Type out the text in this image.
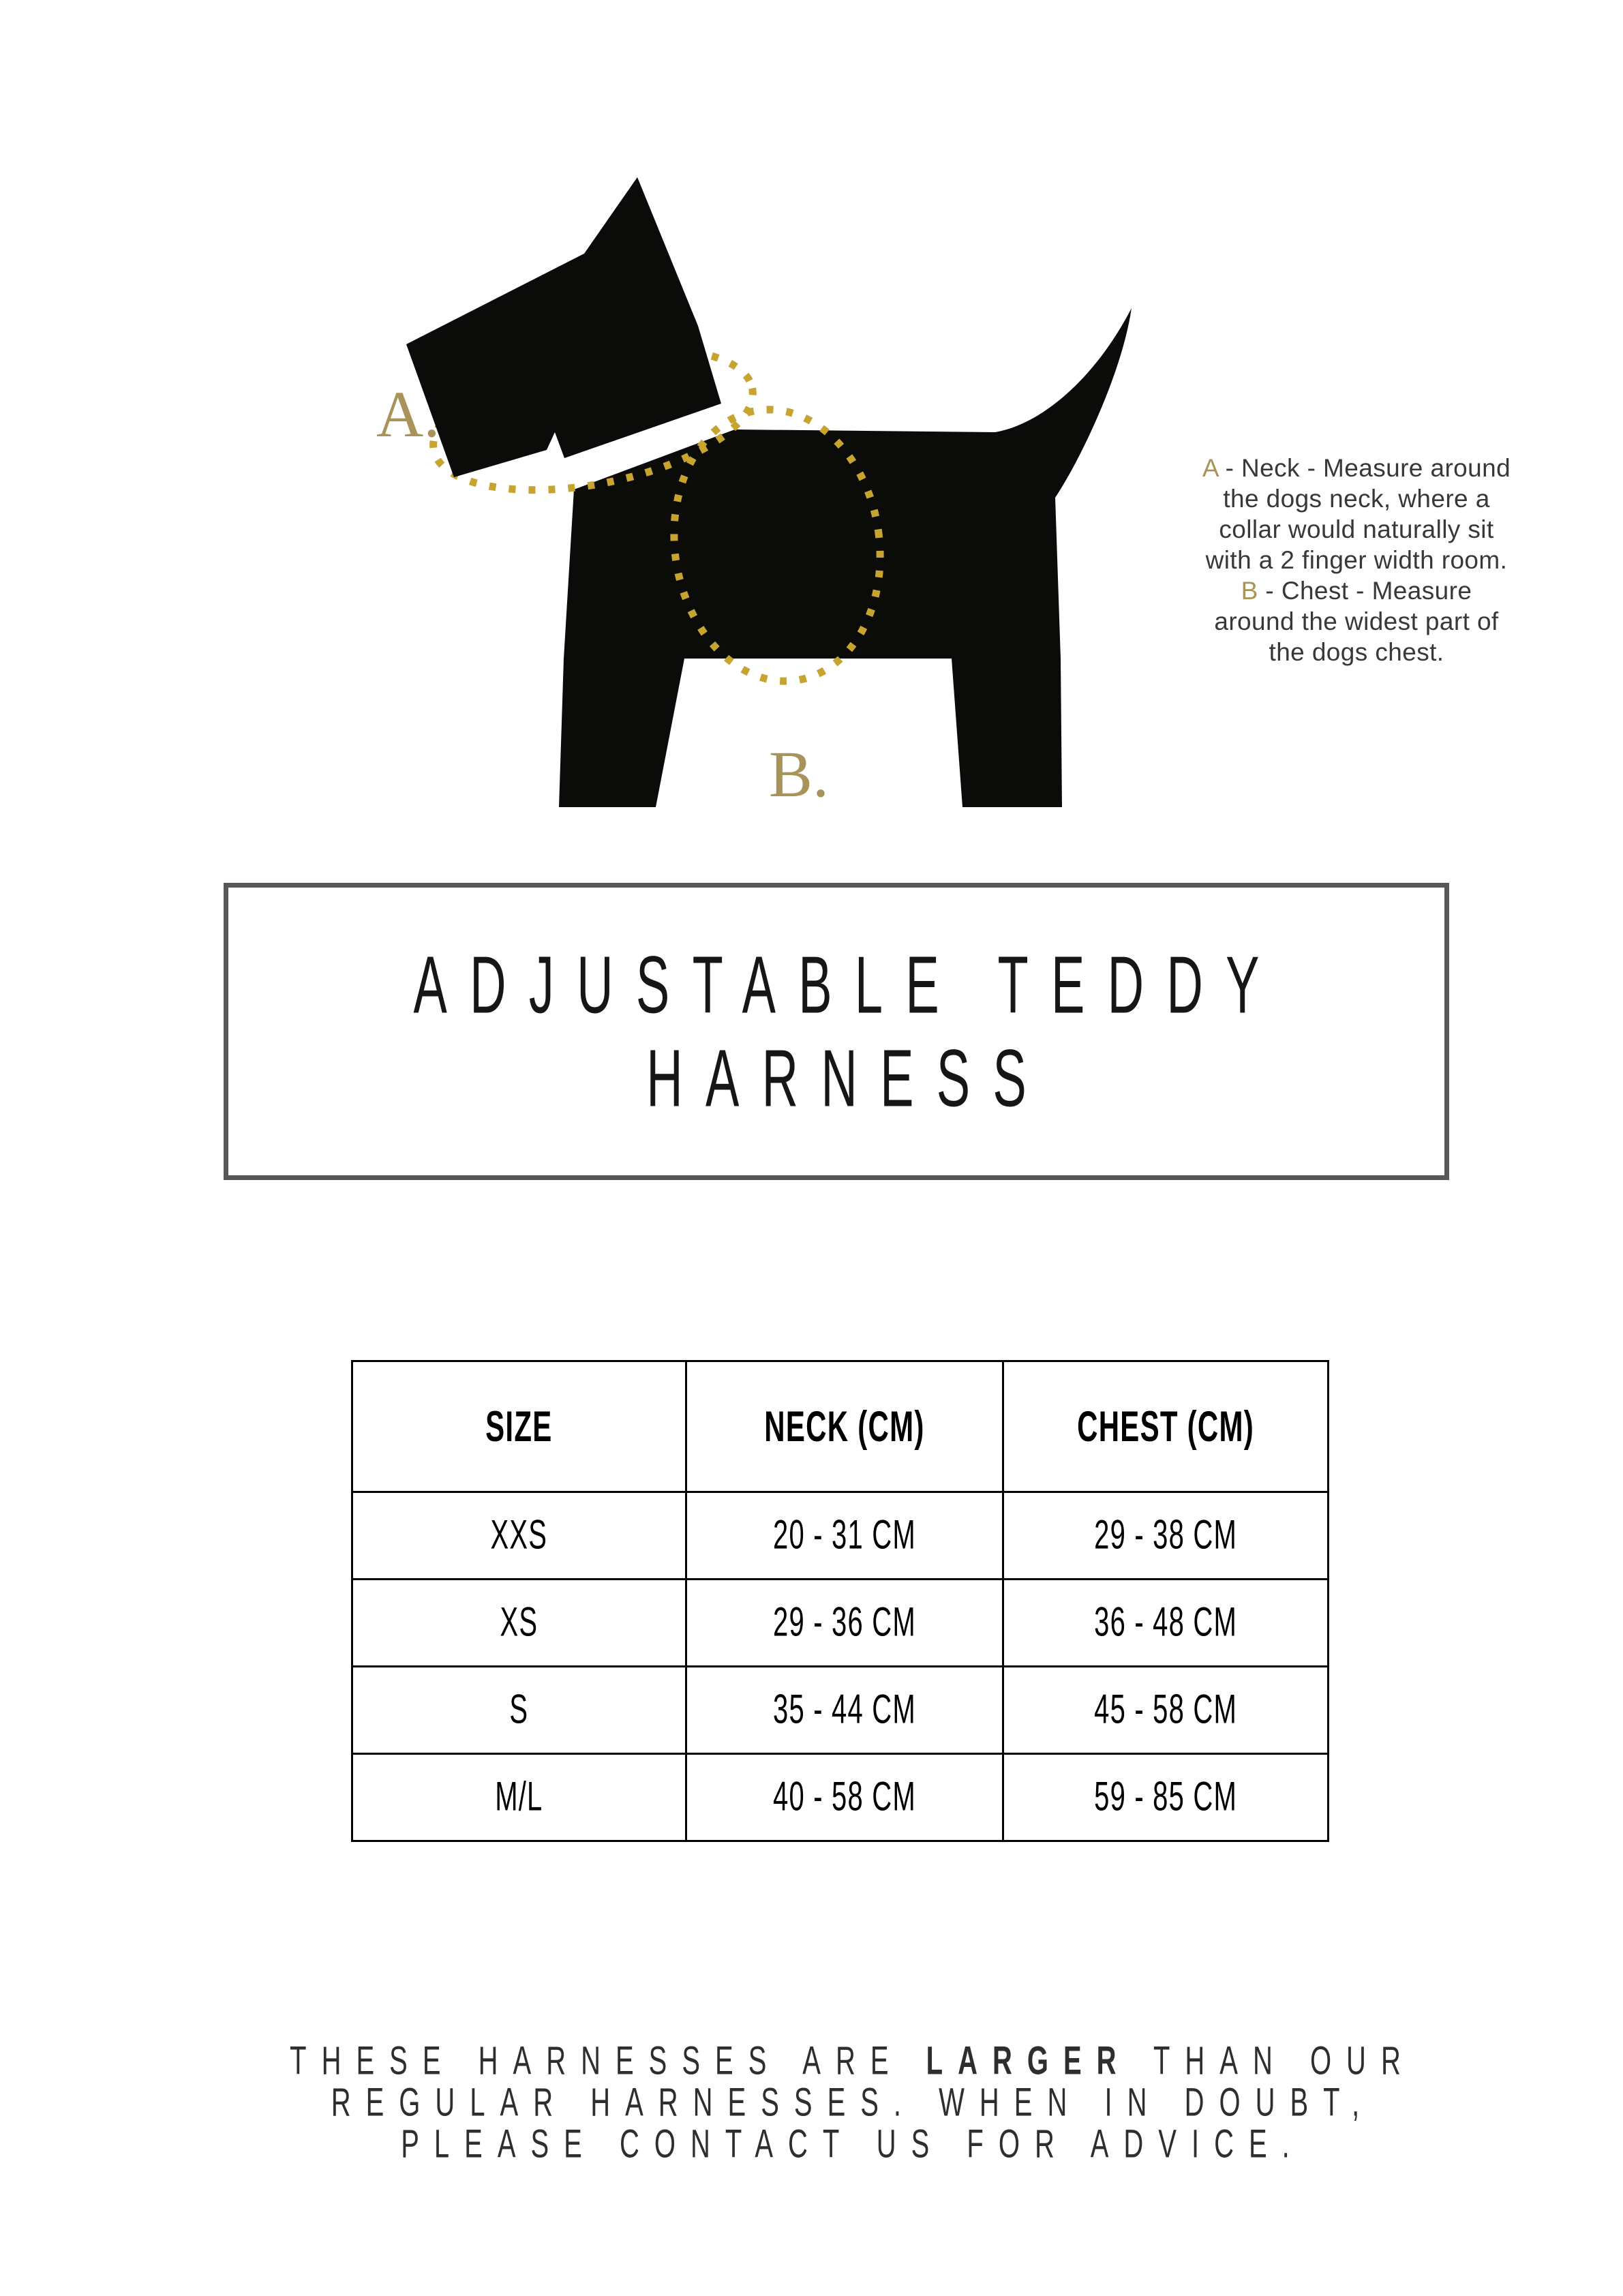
A.
B.
A - Neck - Measure around
the dogs neck, where a
collar would naturally sit
with a 2 finger width room.
B - Chest - Measure
around the widest part of
the dogs chest.
ADJUSTABLE TEDDY
HARNESS
SIZE	NECK (CM)	CHEST (CM)
XXS	20 - 31 CM	29 - 38 CM
XS	29 - 36 CM	36 - 48 CM
S	35 - 44 CM	45 - 58 CM
M/L	40 - 58 CM	59 - 85 CM
THESE HARNESSES ARE LARGER THAN OUR
REGULAR HARNESSES. WHEN IN DOUBT,
PLEASE CONTACT US FOR ADVICE.
